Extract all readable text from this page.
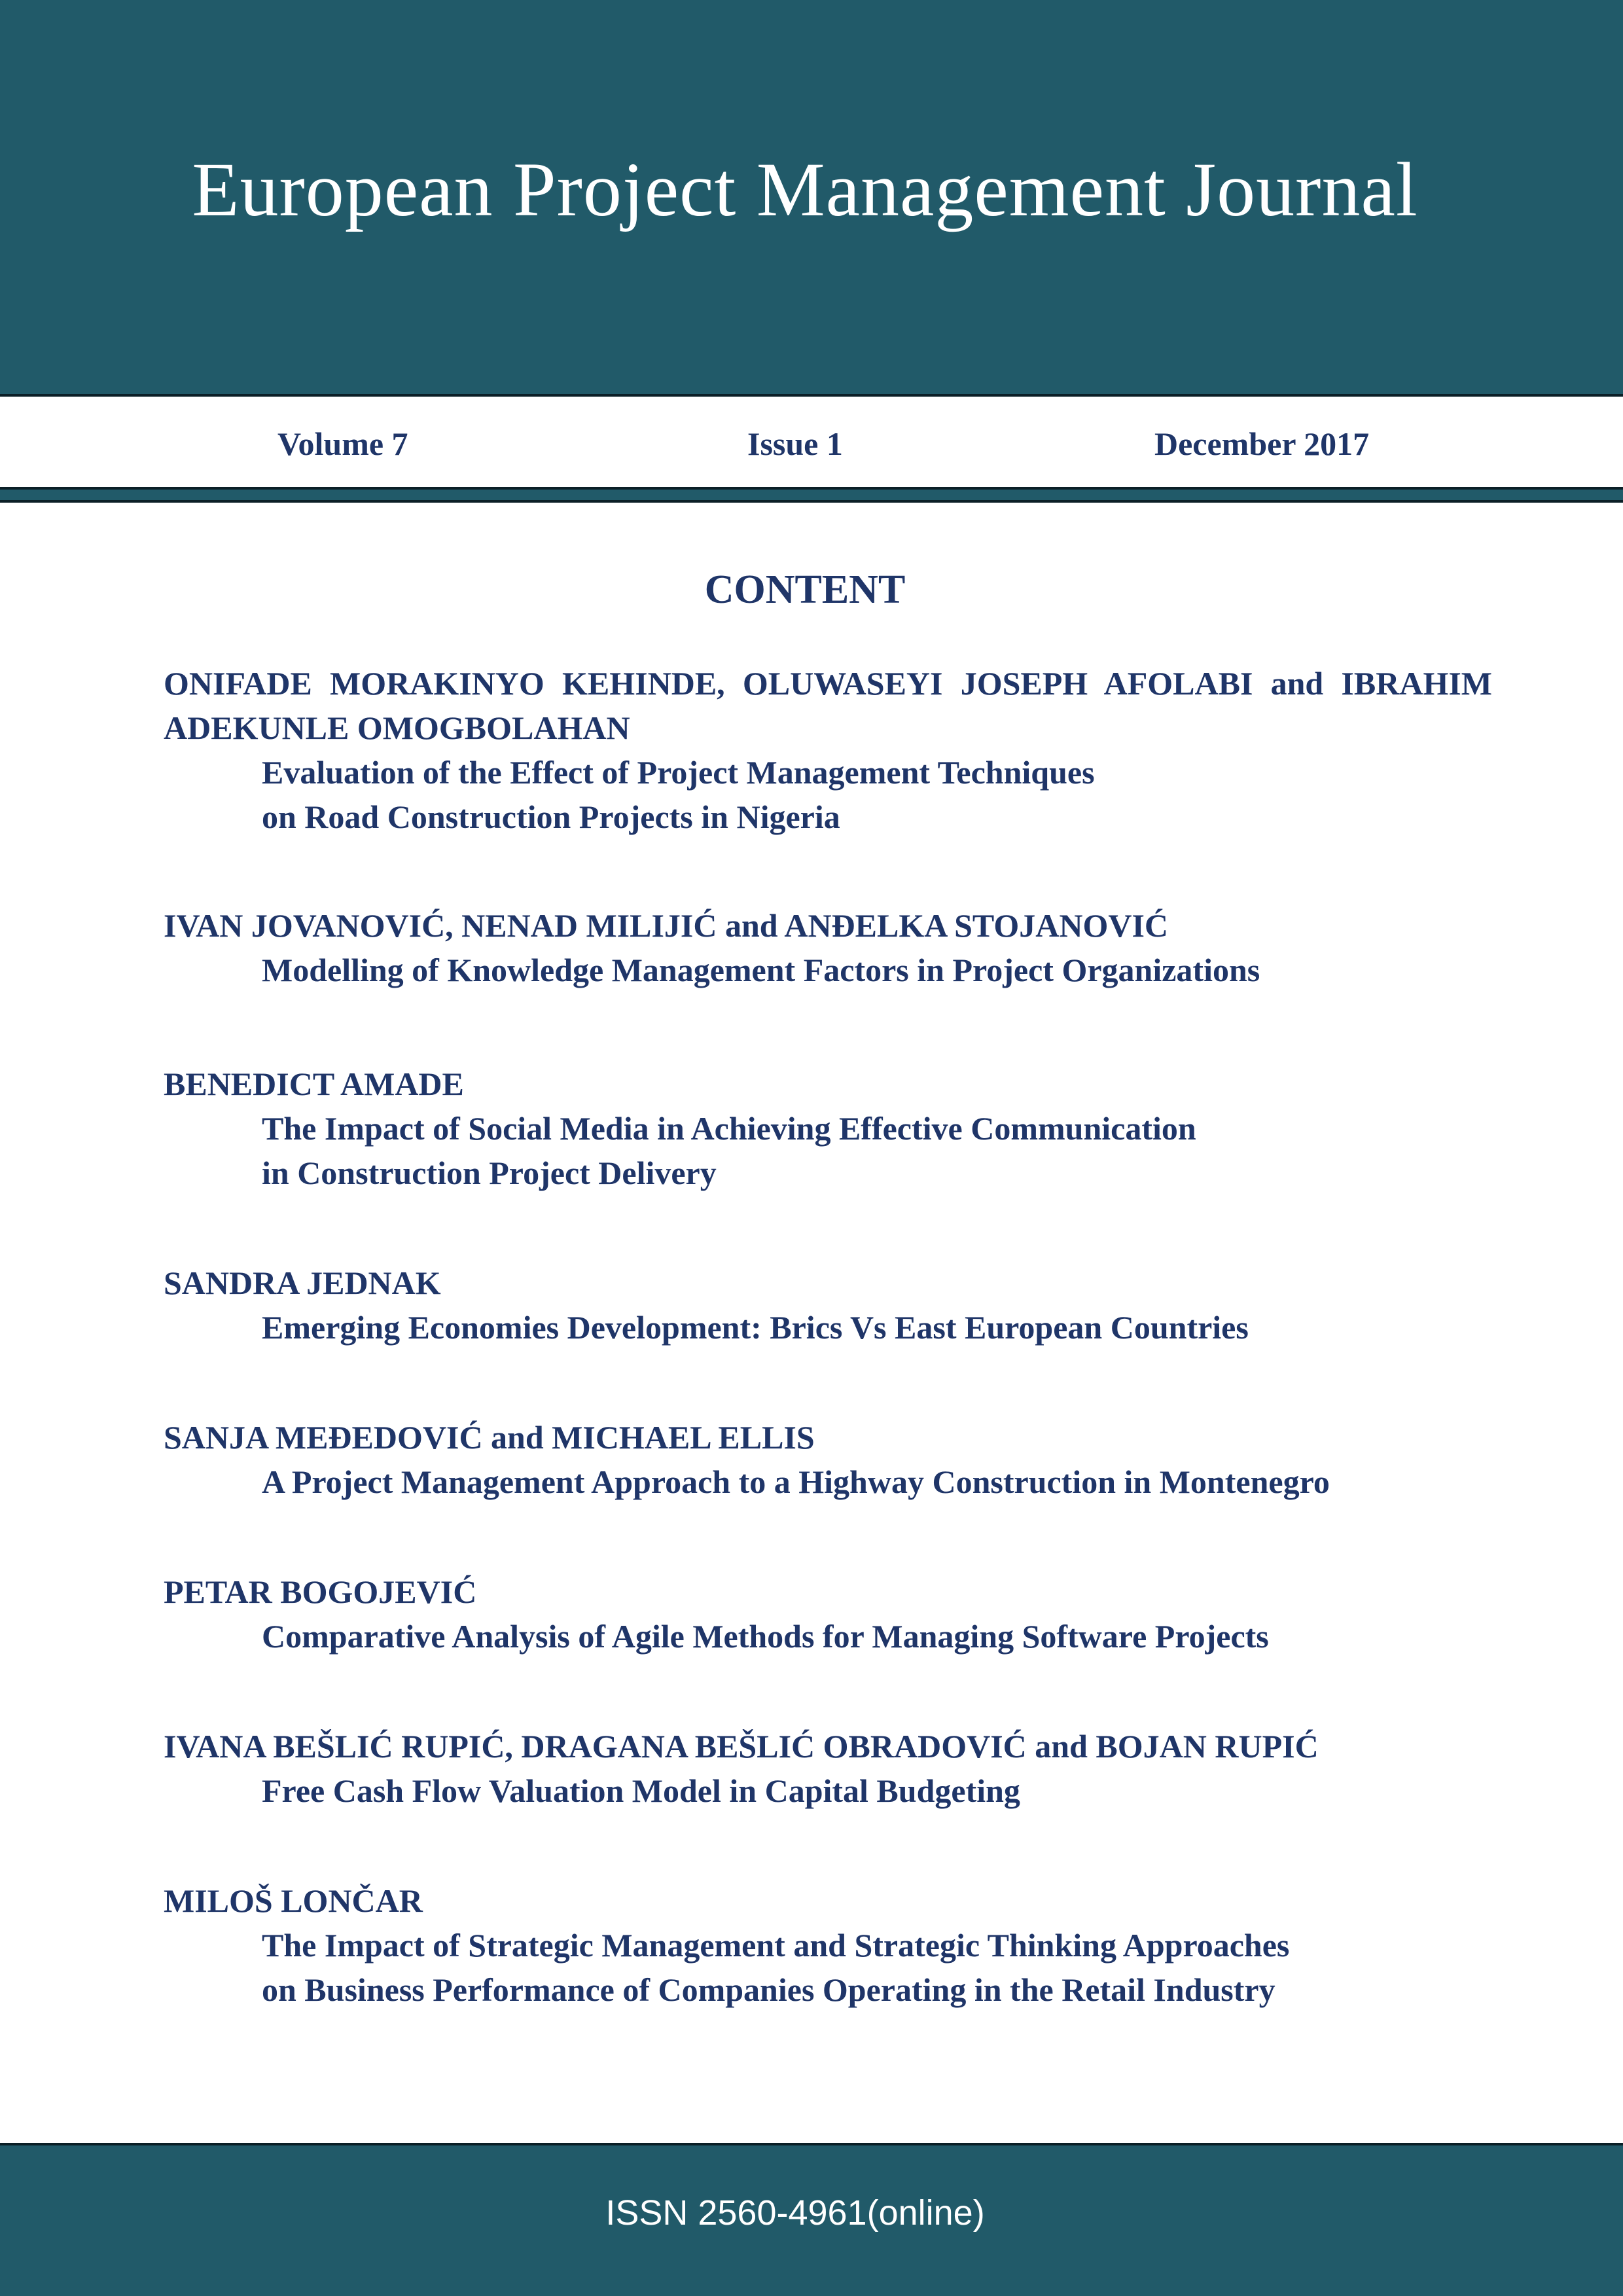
European Project Management Journal
Volume 7	Issue 1	December 2017
CONTENT
ONIFADE MORAKINYO KEHINDE, OLUWASEYI JOSEPH AFOLABI and IBRAHIM ADEKUNLE OMOGBOLAHAN
Evaluation of the Effect of Project Management Techniques
on Road Construction Projects in Nigeria
IVAN JOVANOVIĆ, NENAD MILIJIĆ and ANĐELKA STOJANOVIĆ
Modelling of Knowledge Management Factors in Project Organizations
BENEDICT AMADE
The Impact of Social Media in Achieving Effective Communication
in Construction Project Delivery
SANDRA JEDNAK
Emerging Economies Development: Brics Vs East European Countries
SANJA MEĐEDOVIĆ and MICHAEL ELLIS
A Project Management Approach to a Highway Construction in Montenegro
PETAR BOGOJEVIĆ
Comparative Analysis of Agile Methods for Managing Software Projects
IVANA BEŠLIĆ RUPIĆ, DRAGANA BEŠLIĆ OBRADOVIĆ and BOJAN RUPIĆ
Free Cash Flow Valuation Model in Capital Budgeting
MILOŠ LONČAR
The Impact of Strategic Management and Strategic Thinking Approaches
on Business Performance of Companies Operating in the Retail Industry
ISSN 2560-4961(online)
